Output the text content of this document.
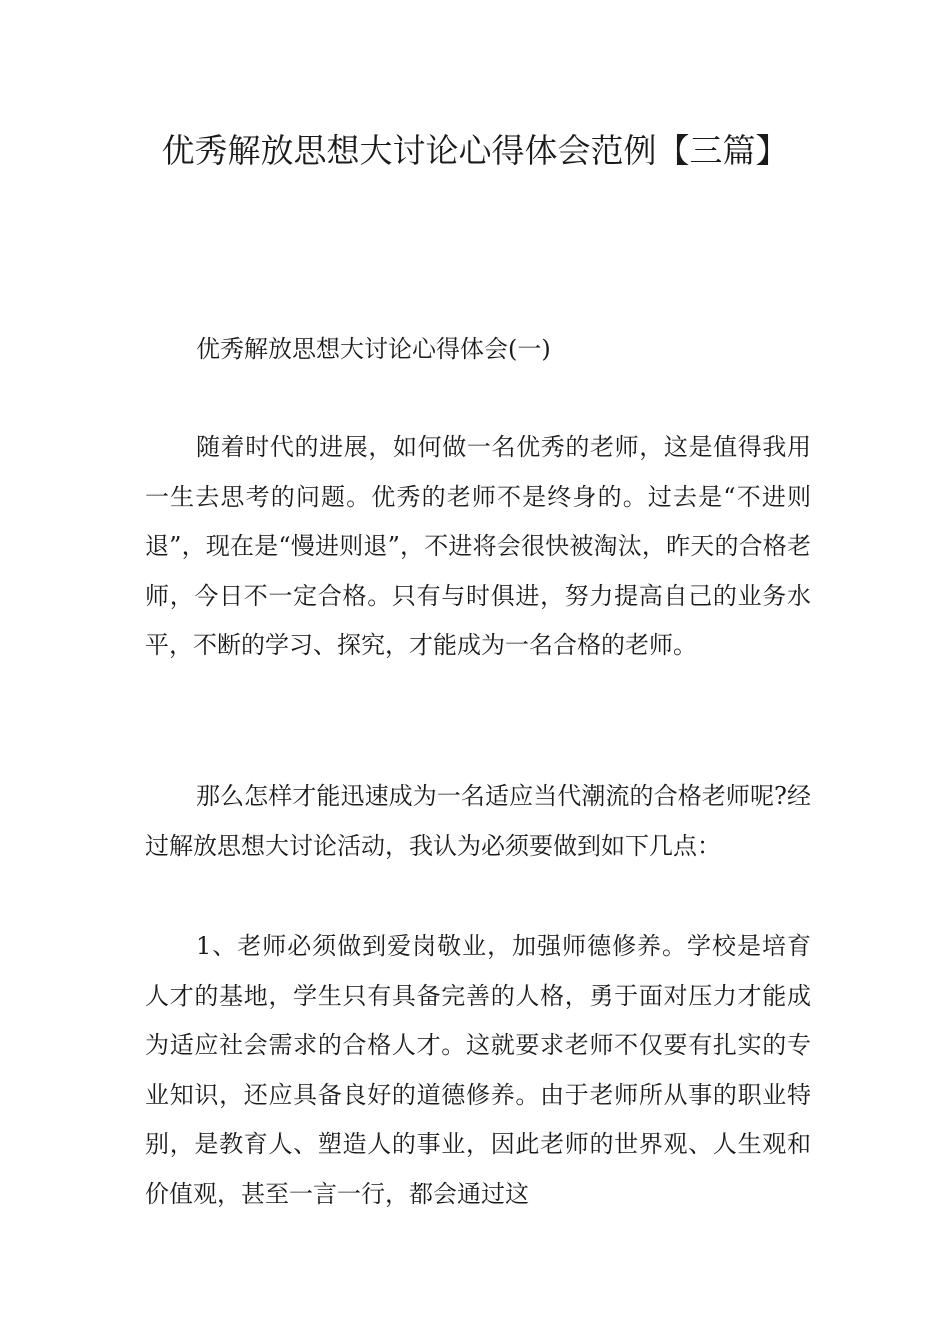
优秀解放思想大讨论心得体会范例【三篇】

优秀解放思想大讨论心得体会(一)

随着时代的进展，如何做一名优秀的老师，这是值得我用一生去思考的问题。优秀的老师不是终身的。过去是“不进则退”，现在是“慢进则退”，不进将会很快被淘汰，昨天的合格老师，今日不一定合格。只有与时俱进，努力提高自己的业务水平，不断的学习、探究，才能成为一名合格的老师。

那么怎样才能迅速成为一名适应当代潮流的合格老师呢?经过解放思想大讨论活动，我认为必须要做到如下几点：

1、老师必须做到爱岗敬业，加强师德修养。学校是培育人才的基地，学生只有具备完善的人格，勇于面对压力才能成为适应社会需求的合格人才。这就要求老师不仅要有扎实的专业知识，还应具备良好的道德修养。由于老师所从事的职业特别，是教育人、塑造人的事业，因此老师的世界观、人生观和价值观，甚至一言一行，都会通过这
